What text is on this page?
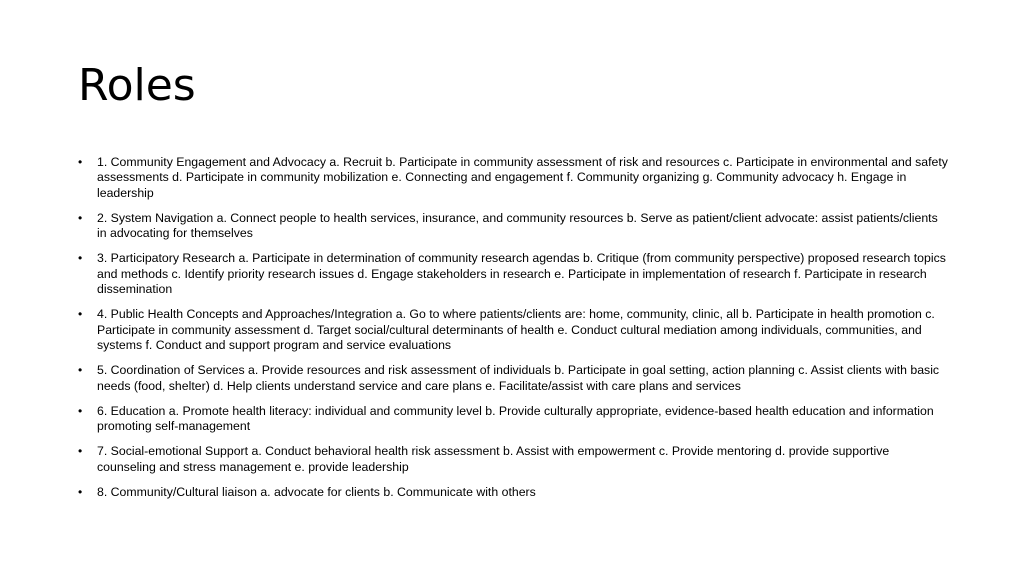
Roles
• 1. Community Engagement and Advocacy a. Recruit b. Participate in community assessment of risk and resources c. Participate in environmental and safety assessments d. Participate in community mobilization e. Connecting and engagement f. Community organizing g. Community advocacy h. Engage in leadership
• 2. System Navigation a. Connect people to health services, insurance, and community resources b. Serve as patient/client advocate: assist patients/clients in advocating for themselves
• 3. Participatory Research a. Participate in determination of community research agendas b. Critique (from community perspective) proposed research topics and methods c. Identify priority research issues d. Engage stakeholders in research e. Participate in implementation of research f. Participate in research dissemination
• 4. Public Health Concepts and Approaches/Integration a. Go to where patients/clients are: home, community, clinic, all b. Participate in health promotion c. Participate in community assessment d. Target social/cultural determinants of health e. Conduct cultural mediation among individuals, communities, and systems f. Conduct and support program and service evaluations
• 5. Coordination of Services a. Provide resources and risk assessment of individuals b. Participate in goal setting, action planning c. Assist clients with basic needs (food, shelter) d. Help clients understand service and care plans e. Facilitate/assist with care plans and services
• 6. Education a. Promote health literacy: individual and community level b. Provide culturally appropriate, evidence-based health education and information promoting self-management
• 7. Social-emotional Support a. Conduct behavioral health risk assessment b. Assist with empowerment c. Provide mentoring d. provide supportive counseling and stress management e. provide leadership
• 8. Community/Cultural liaison a. advocate for clients b. Communicate with others
